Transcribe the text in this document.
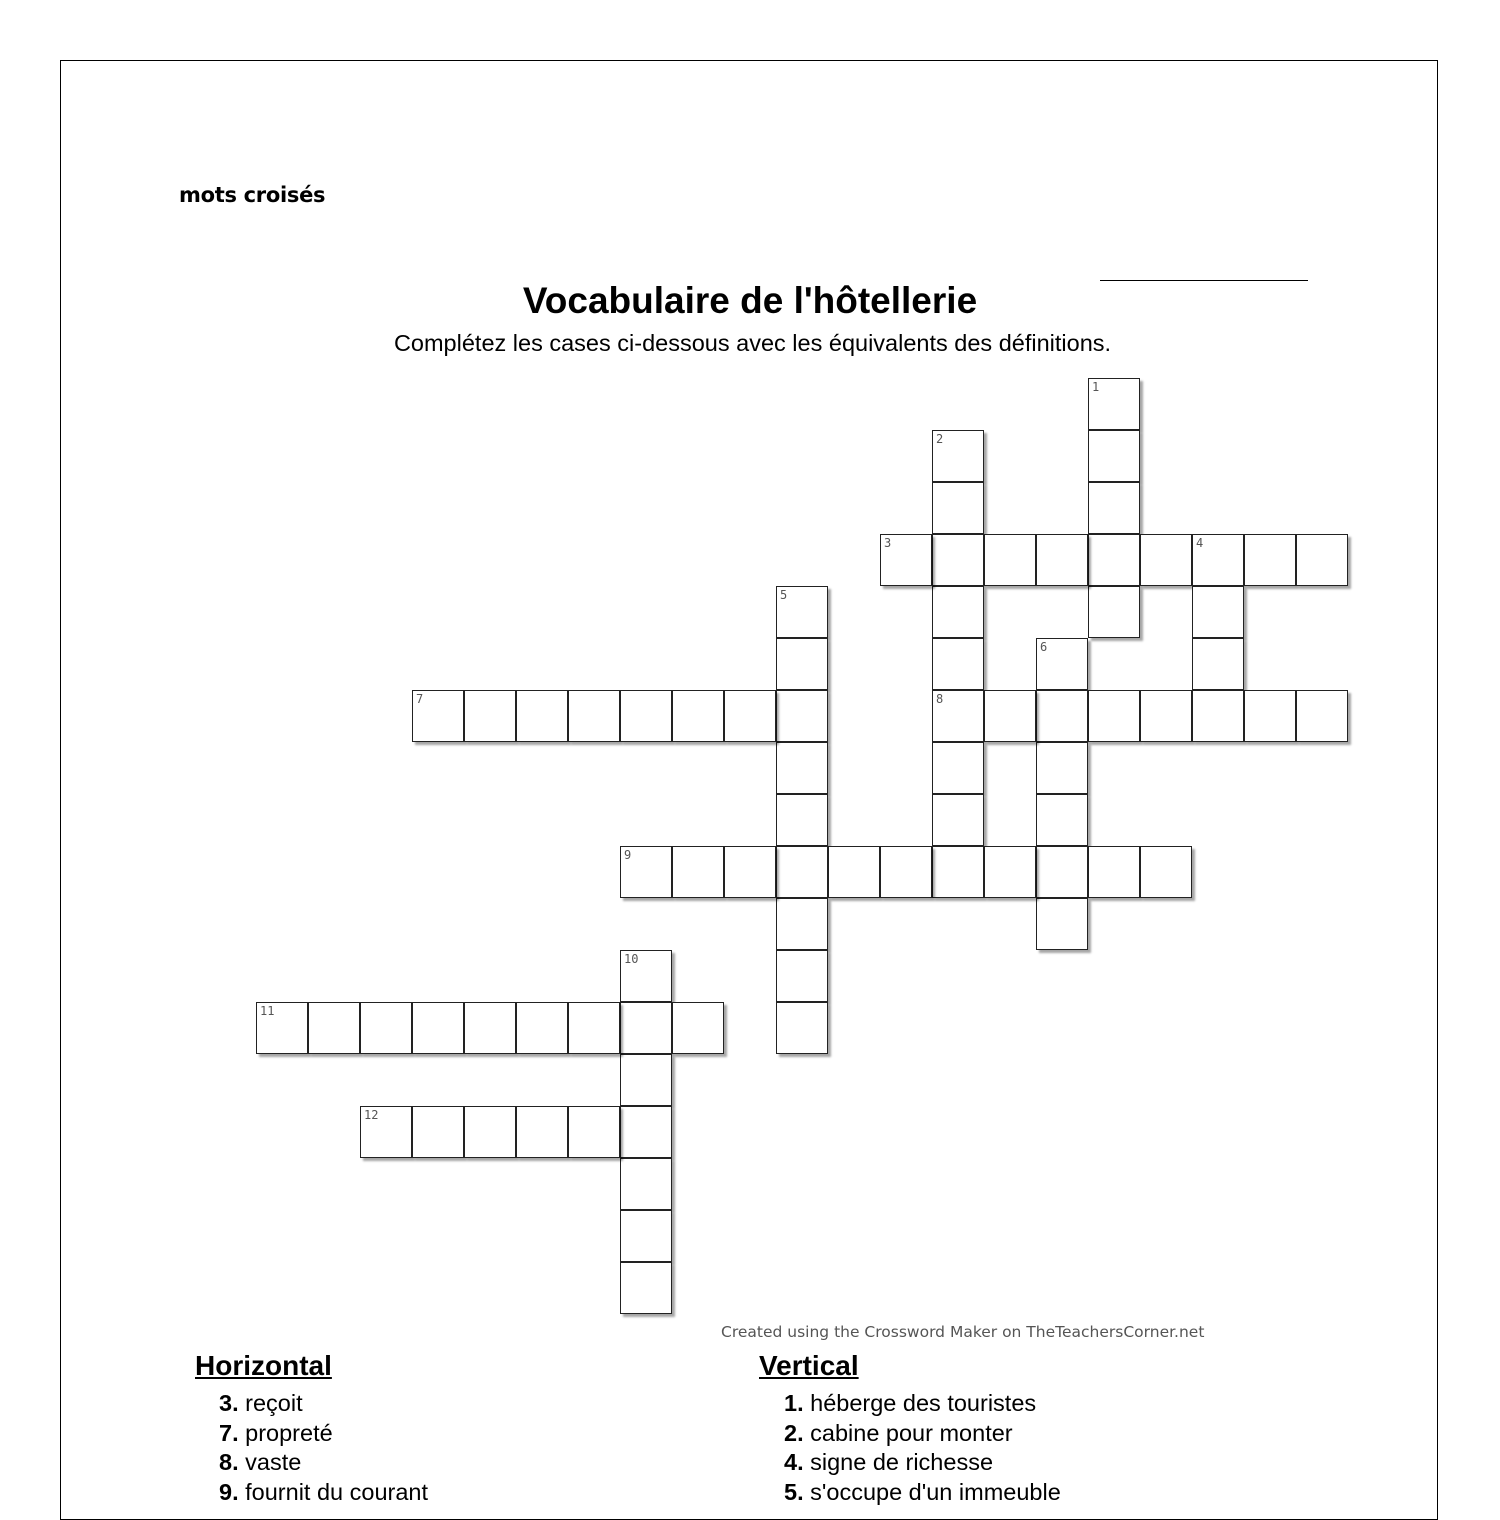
mots croisés
Vocabulaire de l'hôtellerie
Complétez les cases ci-dessous avec les équivalents des définitions.
1
2
8
3	4
5
6
7
9
10
11
12
Created using the Crossword Maker on TheTeachersCorner.net
Horizontal
3. reçoit
7. propreté
8. vaste
9. fournit du courant
Vertical
1. héberge des touristes
2. cabine pour monter
4. signe de richesse
5. s'occupe d'un immeuble
